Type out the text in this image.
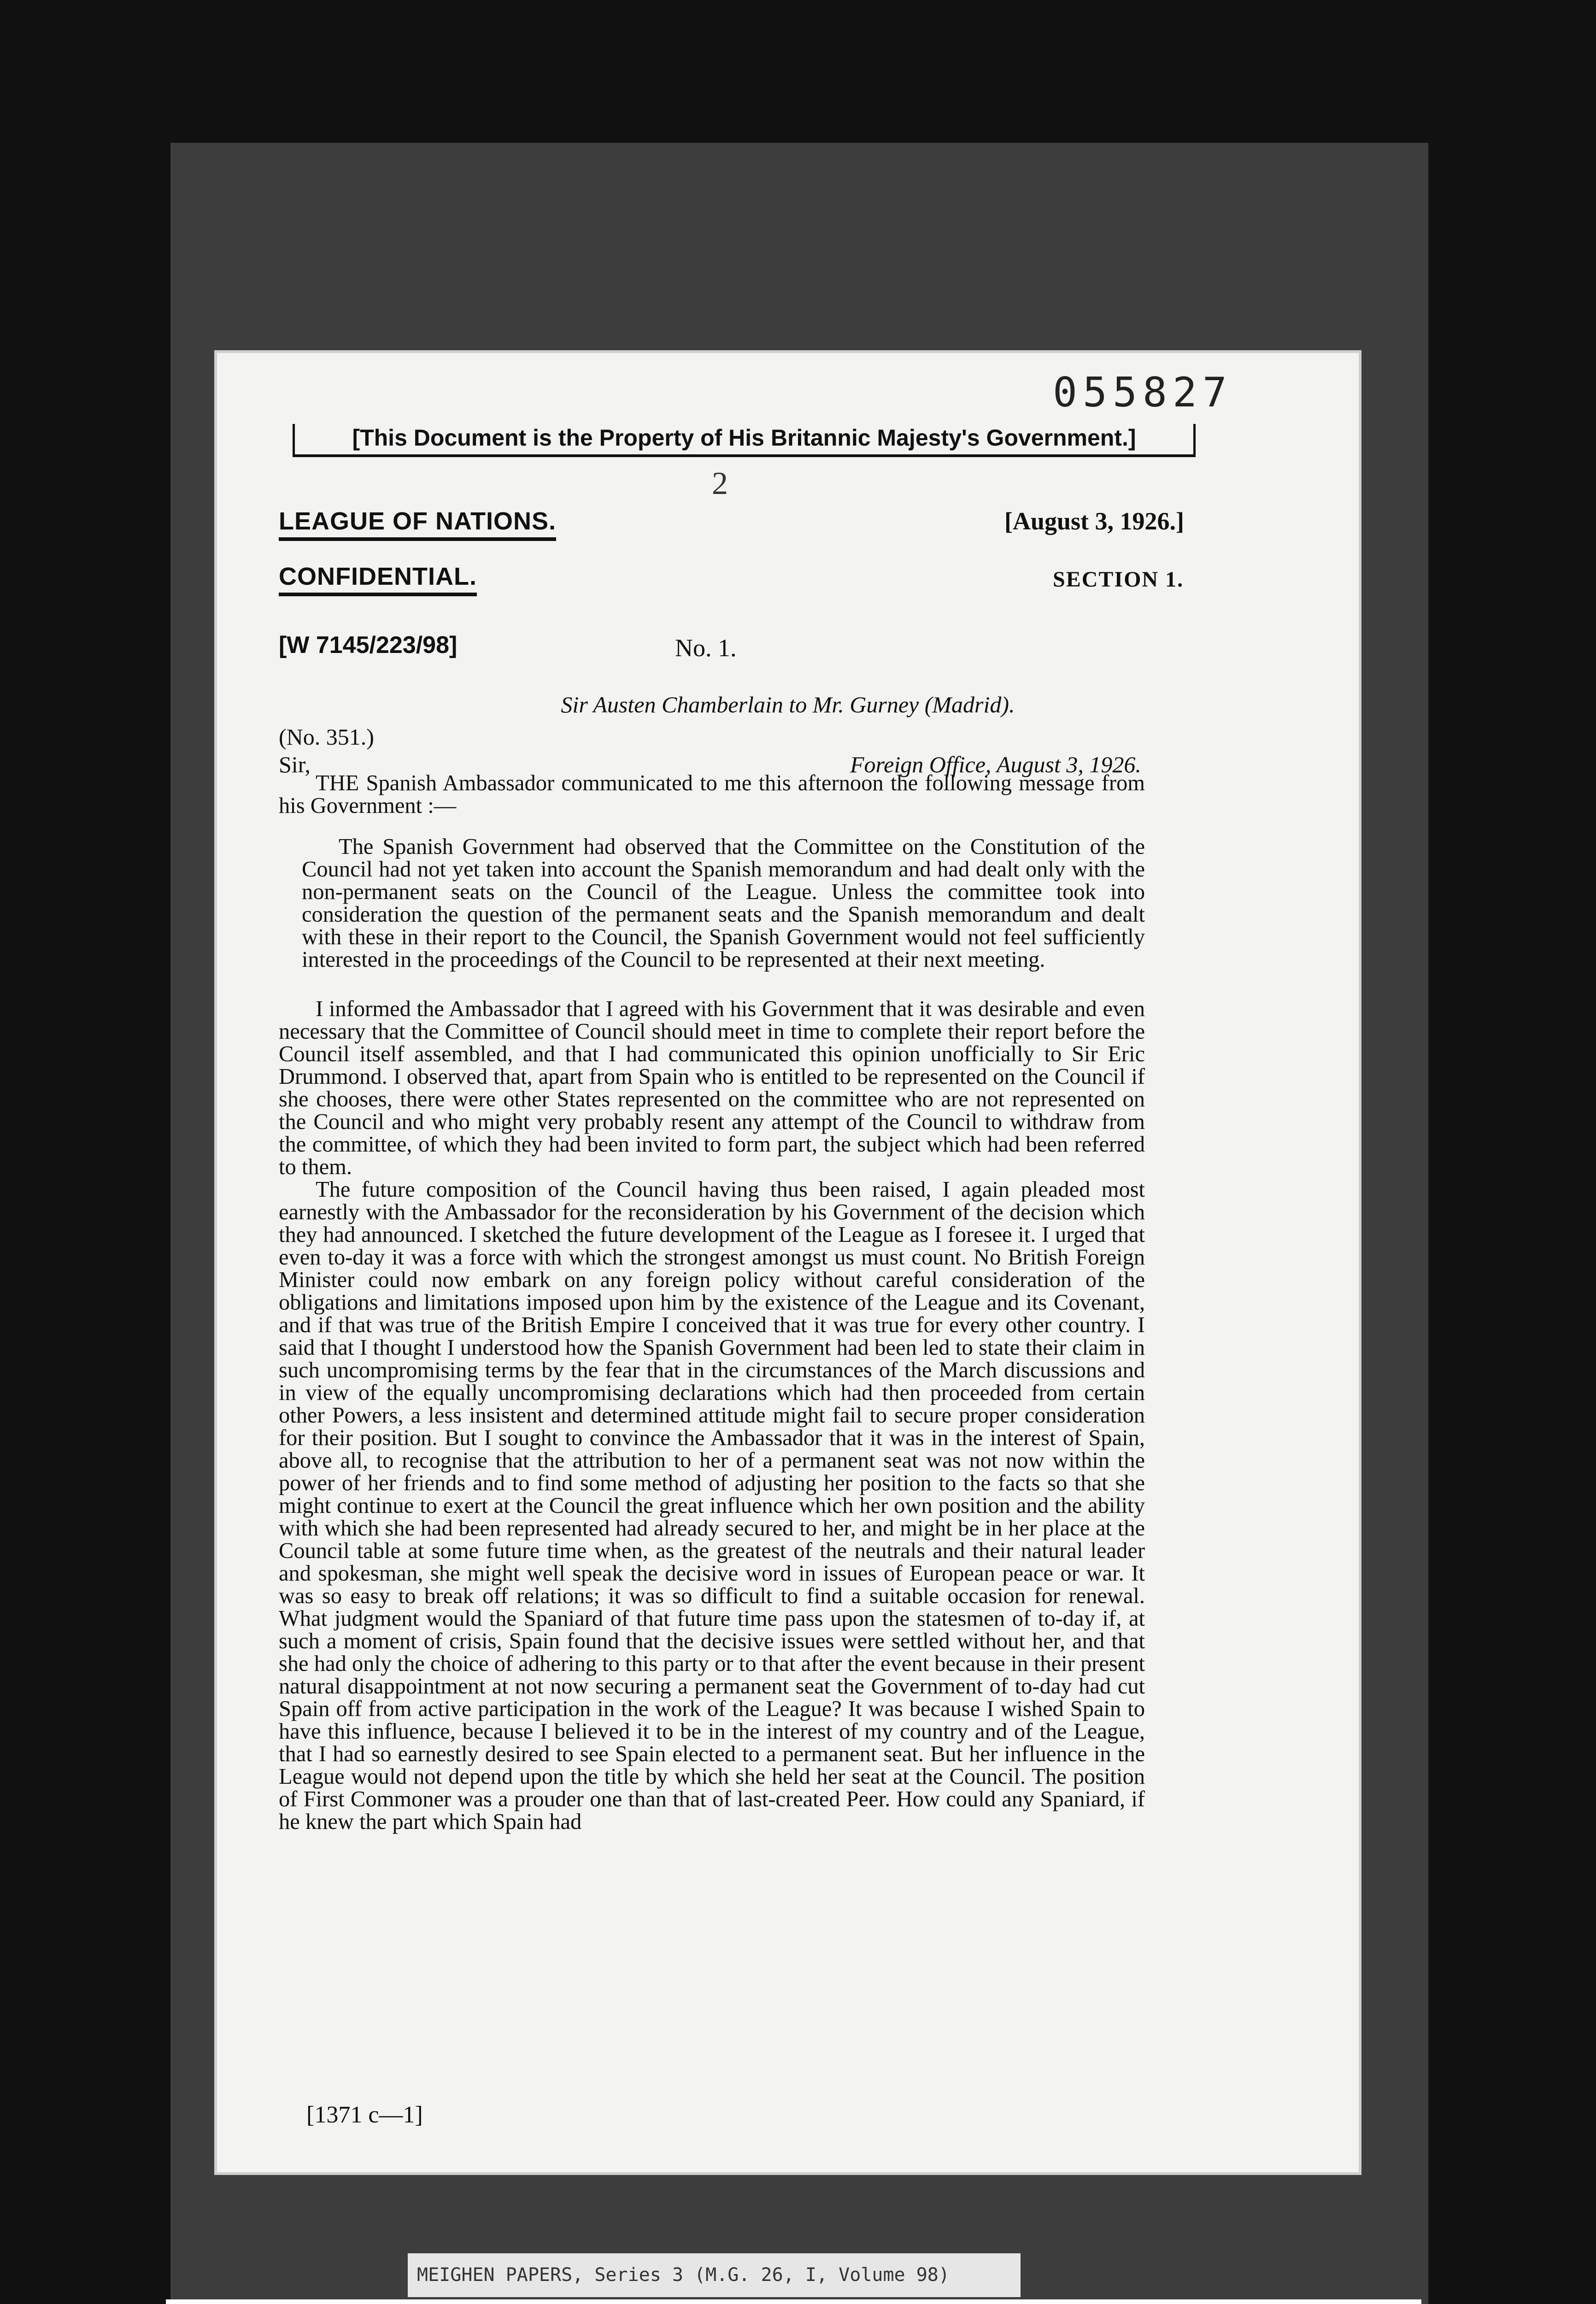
055827
[This Document is the Property of His Britannic Majesty's Government.]
2
LEAGUE OF NATIONS.	[August 3, 1926.]
CONFIDENTIAL.	SECTION 1.
[W 7145/223/98]	No. 1.
Sir Austen Chamberlain to Mr. Gurney (Madrid).
(No. 351.)
Sir,	Foreign Office, August 3, 1926.

THE Spanish Ambassador communicated to me this afternoon the following message from his Government :—

The Spanish Government had observed that the Committee on the Constitution of the Council had not yet taken into account the Spanish memorandum and had dealt only with the non-permanent seats on the Council of the League. Unless the committee took into consideration the question of the permanent seats and the Spanish memorandum and dealt with these in their report to the Council, the Spanish Government would not feel sufficiently interested in the proceedings of the Council to be represented at their next meeting.

I informed the Ambassador that I agreed with his Government that it was desirable and even necessary that the Committee of Council should meet in time to complete their report before the Council itself assembled, and that I had communicated this opinion unofficially to Sir Eric Drummond. I observed that, apart from Spain who is entitled to be represented on the Council if she chooses, there were other States represented on the committee who are not represented on the Council and who might very probably resent any attempt of the Council to withdraw from the committee, of which they had been invited to form part, the subject which had been referred to them.

The future composition of the Council having thus been raised, I again pleaded most earnestly with the Ambassador for the reconsideration by his Government of the decision which they had announced. I sketched the future development of the League as I foresee it. I urged that even to-day it was a force with which the strongest amongst us must count. No British Foreign Minister could now embark on any foreign policy without careful consideration of the obligations and limitations imposed upon him by the existence of the League and its Covenant, and if that was true of the British Empire I conceived that it was true for every other country. I said that I thought I understood how the Spanish Government had been led to state their claim in such uncompromising terms by the fear that in the circumstances of the March discussions and in view of the equally uncompromising declarations which had then proceeded from certain other Powers, a less insistent and determined attitude might fail to secure proper consideration for their position. But I sought to convince the Ambassador that it was in the interest of Spain, above all, to recognise that the attribution to her of a permanent seat was not now within the power of her friends and to find some method of adjusting her position to the facts so that she might continue to exert at the Council the great influence which her own position and the ability with which she had been represented had already secured to her, and might be in her place at the Council table at some future time when, as the greatest of the neutrals and their natural leader and spokesman, she might well speak the decisive word in issues of European peace or war. It was so easy to break off relations; it was so difficult to find a suitable occasion for renewal. What judgment would the Spaniard of that future time pass upon the statesmen of to-day if, at such a moment of crisis, Spain found that the decisive issues were settled without her, and that she had only the choice of adhering to this party or to that after the event because in their present natural disappointment at not now securing a permanent seat the Government of to-day had cut Spain off from active participation in the work of the League? It was because I wished Spain to have this influence, because I believed it to be in the interest of my country and of the League, that I had so earnestly desired to see Spain elected to a permanent seat. But her influence in the League would not depend upon the title by which she held her seat at the Council. The position of First Commoner was a prouder one than that of last-created Peer. How could any Spaniard, if he knew the part which Spain had

[1371 c—1]
MEIGHEN PAPERS, Series 3 (M.G. 26, I, Volume 98)
